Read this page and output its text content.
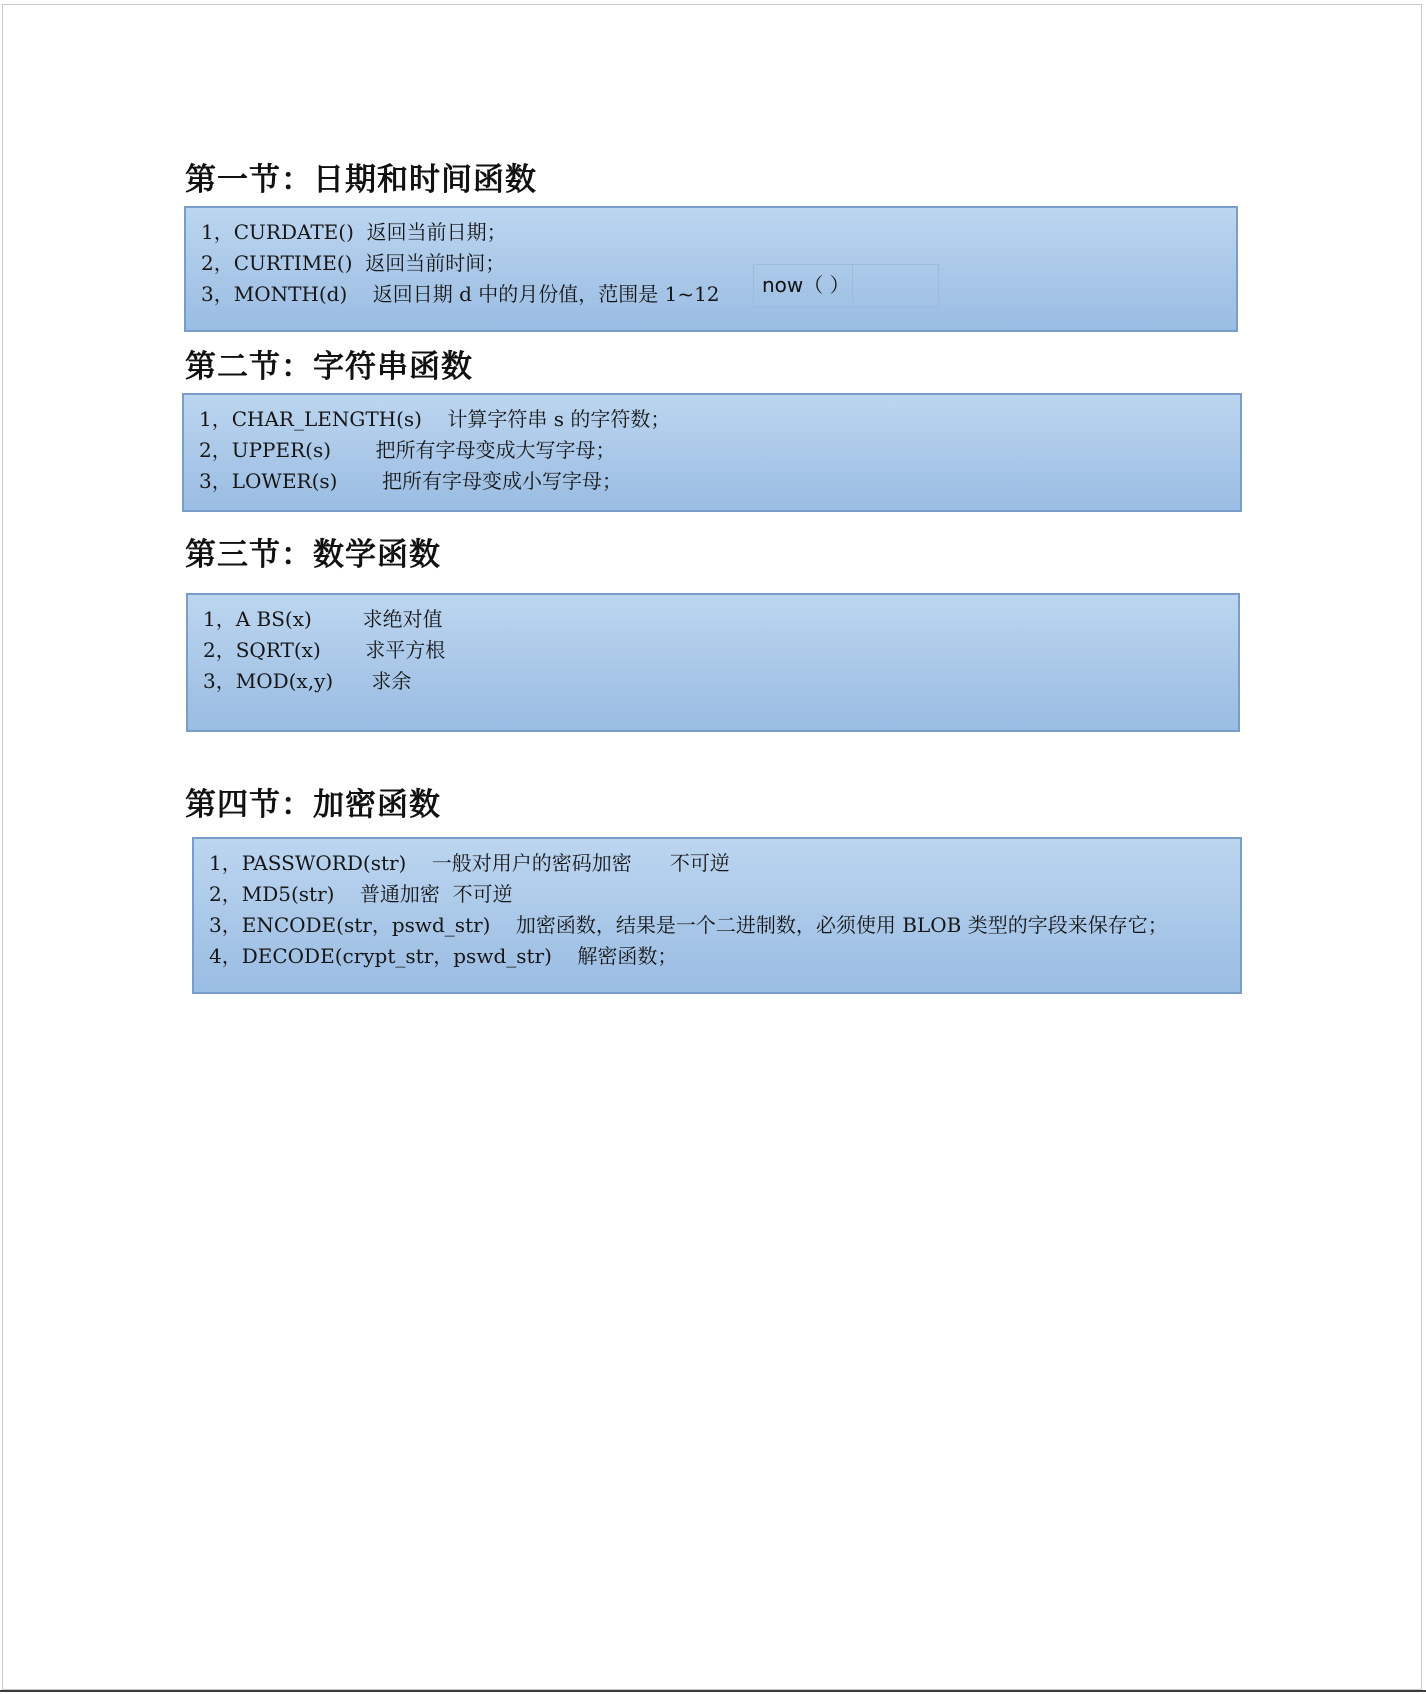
第一节：日期和时间函数
1，CURDATE()  返回当前日期；
2，CURTIME()  返回当前时间；
3，MONTH(d)    返回日期 d 中的月份值，范围是 1~12	now（ ）
第二节：字符串函数
1，CHAR_LENGTH(s)    计算字符串 s 的字符数；
2，UPPER(s)       把所有字母变成大写字母；
3，LOWER(s)       把所有字母变成小写字母；
第三节：数学函数
1，A BS(x)        求绝对值
2，SQRT(x)       求平方根
3，MOD(x,y)      求余
第四节：加密函数
1，PASSWORD(str)    一般对用户的密码加密      不可逆
2，MD5(str)    普通加密  不可逆
3，ENCODE(str，pswd_str)    加密函数，结果是一个二进制数，必须使用 BLOB 类型的字段来保存它；
4，DECODE(crypt_str，pswd_str)    解密函数；
